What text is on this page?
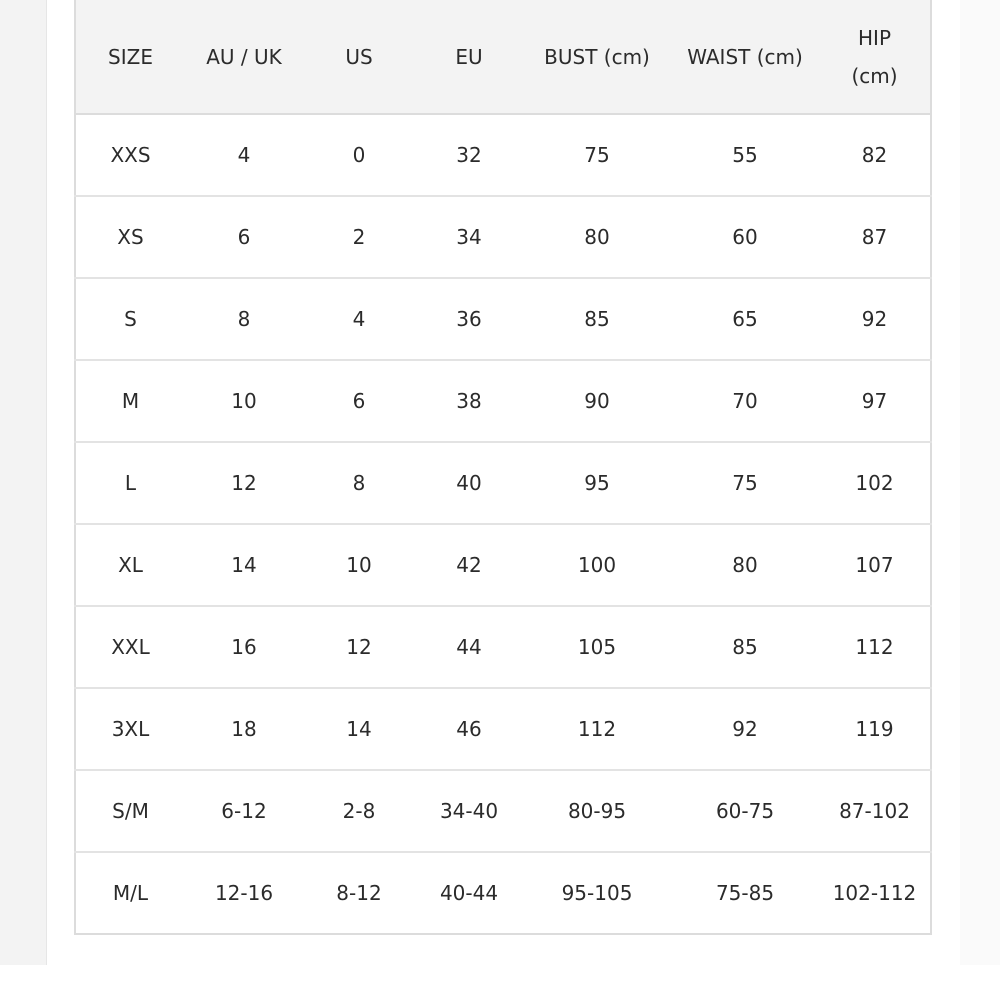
SIZE	AU / UK	US	EU	BUST (cm)	WAIST (cm)	HIP
(cm)

XXS	4	0	32	75	55	82
XS	6	2	34	80	60	87
S	8	4	36	85	65	92
M	10	6	38	90	70	97
L	12	8	40	95	75	102
XL	14	10	42	100	80	107
XXL	16	12	44	105	85	112
3XL	18	14	46	112	92	119
S/M	6-12	2-8	34-40	80-95	60-75	87-102
M/L	12-16	8-12	40-44	95-105	75-85	102-112
